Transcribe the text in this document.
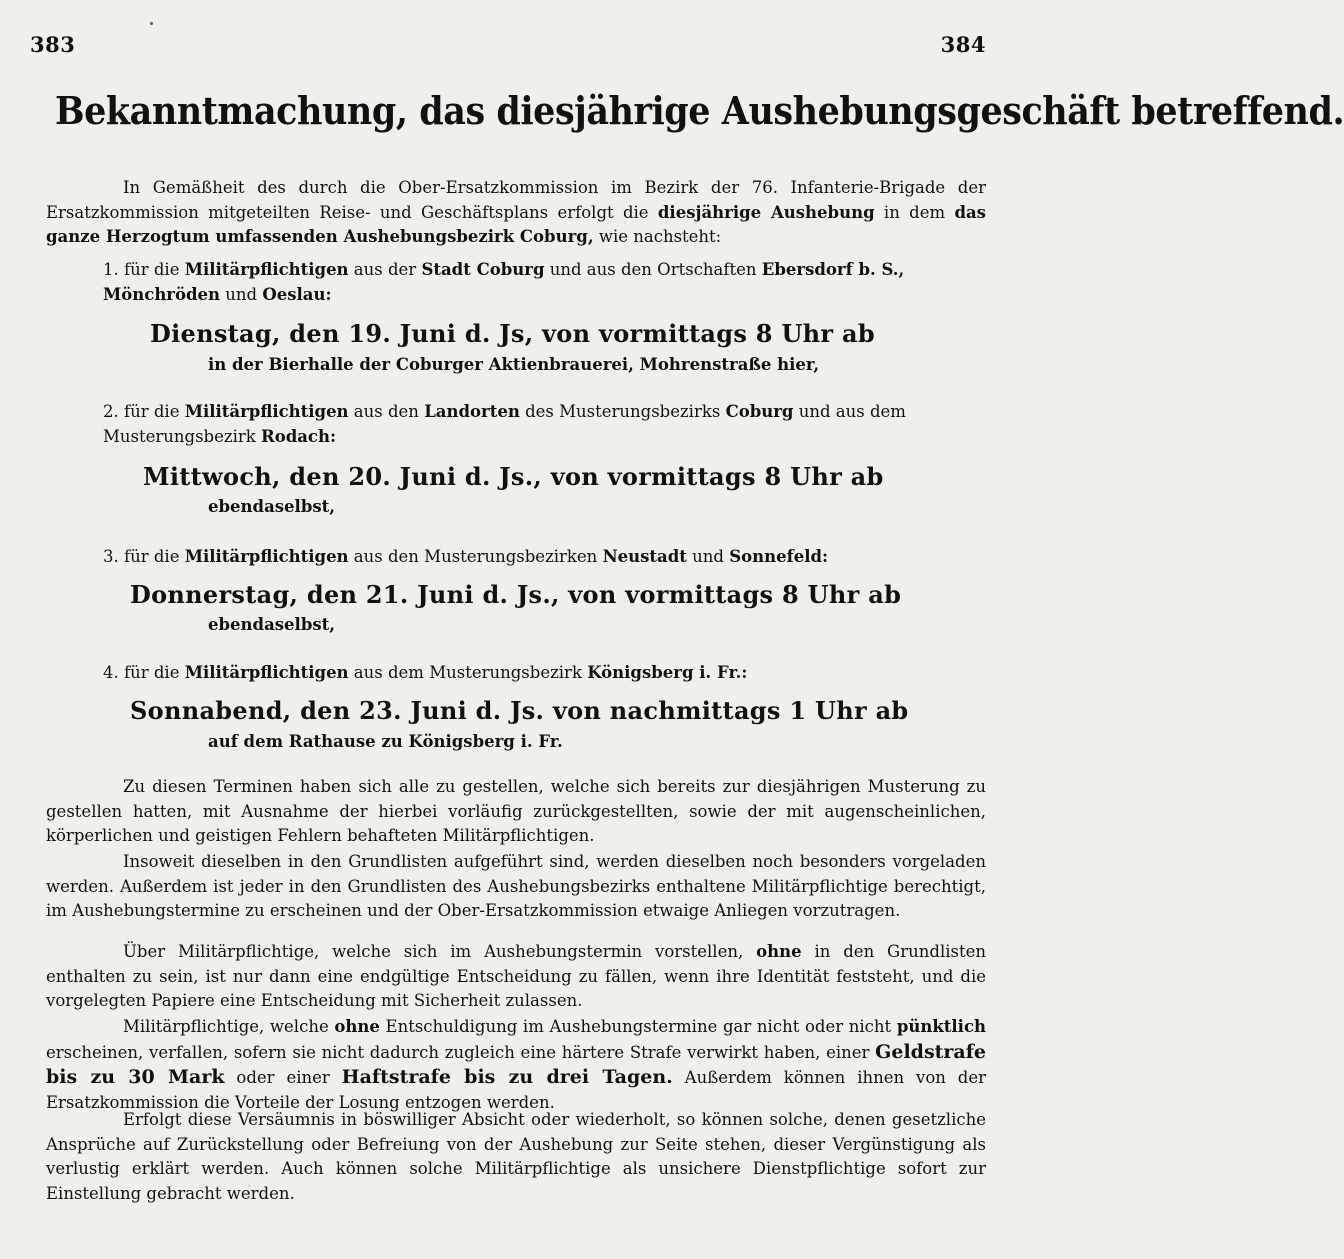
383	384
Bekanntmachung, das diesjährige Aushebungsgeschäft betreffend.
In Gemäßheit des durch die Ober-Ersatzkommission im Bezirk der 76. Infanterie-Brigade der Ersatzkommission mitgeteilten Reise- und Geschäftsplans erfolgt die diesjährige Aushebung in dem das ganze Herzogtum umfassenden Aushebungsbezirk Coburg, wie nachsteht:
1. für die Militärpflichtigen aus der Stadt Coburg und aus den Ortschaften Ebersdorf b. S., Mönchröden und Oeslau:
Dienstag, den 19. Juni d. Js, von vormittags 8 Uhr ab
in der Bierhalle der Coburger Aktienbrauerei, Mohrenstraße hier,
2. für die Militärpflichtigen aus den Landorten des Musterungsbezirks Coburg und aus dem Musterungsbezirk Rodach:
Mittwoch, den 20. Juni d. Js., von vormittags 8 Uhr ab
ebendaselbst,
3. für die Militärpflichtigen aus den Musterungsbezirken Neustadt und Sonnefeld:
Donnerstag, den 21. Juni d. Js., von vormittags 8 Uhr ab
ebendaselbst,
4. für die Militärpflichtigen aus dem Musterungsbezirk Königsberg i. Fr.:
Sonnabend, den 23. Juni d. Js. von nachmittags 1 Uhr ab
auf dem Rathause zu Königsberg i. Fr.
Zu diesen Terminen haben sich alle zu gestellen, welche sich bereits zur diesjährigen Musterung zu gestellen hatten, mit Ausnahme der hierbei vorläufig zurückgestellten, sowie der mit augenscheinlichen, körperlichen und geistigen Fehlern behafteten Militärpflichtigen.
Insoweit dieselben in den Grundlisten aufgeführt sind, werden dieselben noch besonders vorgeladen werden. Außerdem ist jeder in den Grundlisten des Aushebungsbezirks enthaltene Militärpflichtige berechtigt, im Aushebungstermine zu erscheinen und der Ober-Ersatzkommission etwaige Anliegen vorzutragen.
Über Militärpflichtige, welche sich im Aushebungstermin vorstellen, ohne in den Grundlisten enthalten zu sein, ist nur dann eine endgültige Entscheidung zu fällen, wenn ihre Identität feststeht, und die vorgelegten Papiere eine Entscheidung mit Sicherheit zulassen.
Militärpflichtige, welche ohne Entschuldigung im Aushebungstermine gar nicht oder nicht pünktlich erscheinen, verfallen, sofern sie nicht dadurch zugleich eine härtere Strafe verwirkt haben, einer Geldstrafe bis zu 30 Mark oder einer Haftstrafe bis zu drei Tagen. Außerdem können ihnen von der Ersatzkommission die Vorteile der Losung entzogen werden.
Erfolgt diese Versäumnis in böswilliger Absicht oder wiederholt, so können solche, denen gesetzliche Ansprüche auf Zurückstellung oder Befreiung von der Aushebung zur Seite stehen, dieser Vergünstigung als verlustig erklärt werden. Auch können solche Militärpflichtige als unsichere Dienstpflichtige sofort zur Einstellung gebracht werden.
